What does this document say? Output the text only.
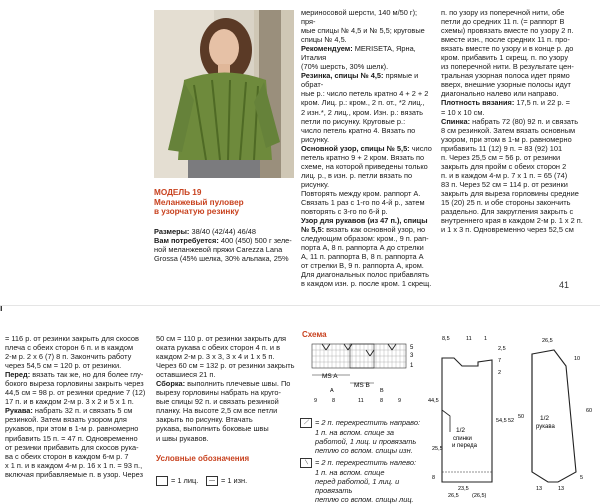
МОДЕЛЬ 19
Меланжевый пуловер
в узорчатую резинку

Размеры: 38/40 (42/44) 46/48

Вам потребуется: 400 (450) 500 г зеле-

ной меланжевой пряжи Carezza Lana

Grossa (45% шелка, 30% альпака, 25%

мериносовой шерсти, 140 м/50 г); пря-

мые спицы № 4,5 и № 5,5; круговые

спицы № 4,5.

Рекомендуем: MERISETA, Ярна, Италия

(70% шерсть, 30% шелк).

Резинка, спицы № 4,5: прямые и обрат-

ные р.: число петель кратно 4 + 2 + 2

кром. Лиц. р.: кром., 2 п. от., *2 лиц.,

2 изн.*, 2 лиц., кром. Изн. р.: вязать

петли по рисунку. Круговые р.:

число петель кратно 4. Вязать по

рисунку.

Основной узор, спицы № 5,5: число

петель кратно 9 + 2 кром. Вязать по

схеме, на которой приведены только

лиц. р., в изн. р. петли вязать по рисунку.

Повторять между кром. раппорт А.

Связать 1 раз с 1-го по 4-й р., затем

повторять с 3-го по 6-й р.

Узор для рукавов (из 47 п.), спицы

№ 5,5: вязать как основной узор, но

следующим образом: кром., 9 п. рап-

порта А, 8 п. раппорта А до стрелки

А, 11 п. раппорта В, 8 п. раппорта А

от стрелки В, 9 п. раппорта А, кром.

Для диагональных полос прибавлять

в каждом изн. р. после кром. 1 скрещ.

п. по узору из поперечной нити, обе

петли до средних 11 п. (= раппорт В

схемы) провязать вместе по узору 2 п.

вместе изн., после средних 11 п. про-

вязать вместе по узору и в конце р. до

кром. прибавить 1 скрещ. п. по узору

из поперечной нити. В результате цен-

тральная узорная полоса идет прямо

вверх, внешние узорные полосы идут

диагонально налево или направо.

Плотность вязания: 17,5 п. и 22 р. =

= 10 х 10 см.

Спинка: набрать 72 (80) 92 п. и связать

8 см резинкой. Затем вязать основным

узором, при этом в 1-м р. равномерно

прибавить 11 (12) 9 п. = 83 (92) 101

п. Через 25,5 см = 56 р. от резинки

закрыть для пройм с обеих сторон 2

п. и в каждом 4-м р. 7 х 1 п. = 65 (74)

83 п. Через 52 см = 114 р. от резинки

закрыть для выреза горловины средние

15 (20) 25 п. и обе стороны закончить

раздельно. Для закругления закрыть с

внутреннего края в каждом 2-м р. 1 х 2 п.

и 1 х 3 п. Одновременно через 52,5 см

41
ı

= 116 р. от резинки закрыть для скосов

плеча с обеих сторон 6 п. и в каждом

2-м р. 2 х 6 (7) 8 п. Закончить работу

через 54,5 см = 120 р. от резинки.

Перед: вязать так же, но для более глу-

бокого выреза горловины закрыть через

44,5 см = 98 р. от резинки средние 7 (12)

17 п. и в каждом 2-м р. 3 х 2 и 5 х 1 п.

Рукава: набрать 32 п. и связать 5 см

резинкой. Затем вязать узором для

рукавов, при этом в 1-м р. равномерно

прибавить 15 п. = 47 п. Одновременно

от резинки прибавить для скосов рука-

ва с обеих сторон в каждом 6-м р. 7

х 1 п. и в каждом 4-м р. 16 х 1 п. = 93 п.,

включая прибавляемые п. в узор. Через

50 см = 110 р. от резинки закрыть для

оката рукава с обеих сторон 4 п. и в

каждом 2-м р. 3 х 3, 3 х 4 и 1 х 5 п.

Через 60 см = 132 р. от резинки закрыть

оставшиеся 21 п.

Сборка: выполнить плечевые швы. По

вырезу горловины набрать на круго-

вые спицы 92 п. и связать резинкой

планку. На высоте 2,5 см все петли

закрыть по рисунку. Втачать

рукава, выполнить боковые швы

и швы рукавов.

Условные обозначения
= 1 лиц.	— = 1 изн.
Схема
5
3
1
MS A
MS B
A	B
9	8	11	8	9
⟋ = 2 п. перекрестить направо:
1 п. на вспом. спице за
работой, 1 лиц. и провязать
петлю со вспом. спицы изн.
⟍ = 2 п. перекрестить налево:
1 п. на вспом. спице
перед работой, 1 лиц. и провязать
петлю со вспом. спицы лиц.
1/2
спинки
и переда
8,5	11 1
2,5
7
2
44,5
54,5 52
25,5
8
23,5
26,5 (26,5)
1/2
рукава
26,5
10
60
50
5
13	13
